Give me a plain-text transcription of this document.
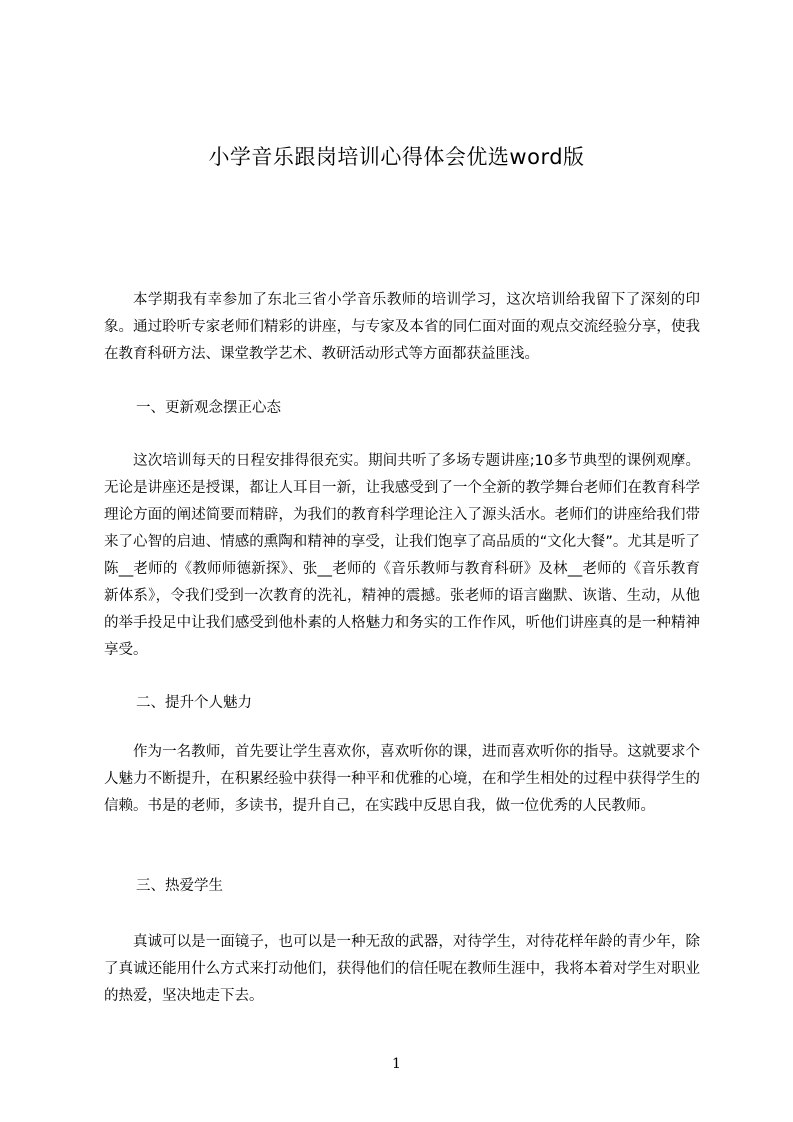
小学音乐跟岗培训心得体会优选word版

本学期我有幸参加了东北三省小学音乐教师的培训学习，这次培训给我留下了深刻的印象。通过聆听专家老师们精彩的讲座，与专家及本省的同仁面对面的观点交流经验分享，使我在教育科研方法、课堂教学艺术、教研活动形式等方面都获益匪浅。

一、更新观念摆正心态

这次培训每天的日程安排得很充实。期间共听了多场专题讲座;10多节典型的课例观摩。无论是讲座还是授课，都让人耳目一新，让我感受到了一个全新的教学舞台老师们在教育科学理论方面的阐述简要而精辟，为我们的教育科学理论注入了源头活水。老师们的讲座给我们带来了心智的启迪、情感的熏陶和精神的享受，让我们饱享了高品质的“文化大餐”。尤其是听了陈__老师的《教师师德新探》、张__老师的《音乐教师与教育科研》及林__老师的《音乐教育新体系》，令我们受到一次教育的洗礼，精神的震撼。张老师的语言幽默、诙谐、生动，从他的举手投足中让我们感受到他朴素的人格魅力和务实的工作作风，听他们讲座真的是一种精神享受。

二、提升个人魅力

作为一名教师，首先要让学生喜欢你，喜欢听你的课，进而喜欢听你的指导。这就要求个人魅力不断提升，在积累经验中获得一种平和优雅的心境，在和学生相处的过程中获得学生的信赖。书是的老师，多读书，提升自己，在实践中反思自我，做一位优秀的人民教师。

三、热爱学生

真诚可以是一面镜子，也可以是一种无敌的武器，对待学生，对待花样年龄的青少年，除了真诚还能用什么方式来打动他们，获得他们的信任呢在教师生涯中，我将本着对学生对职业的热爱，坚决地走下去。

1
